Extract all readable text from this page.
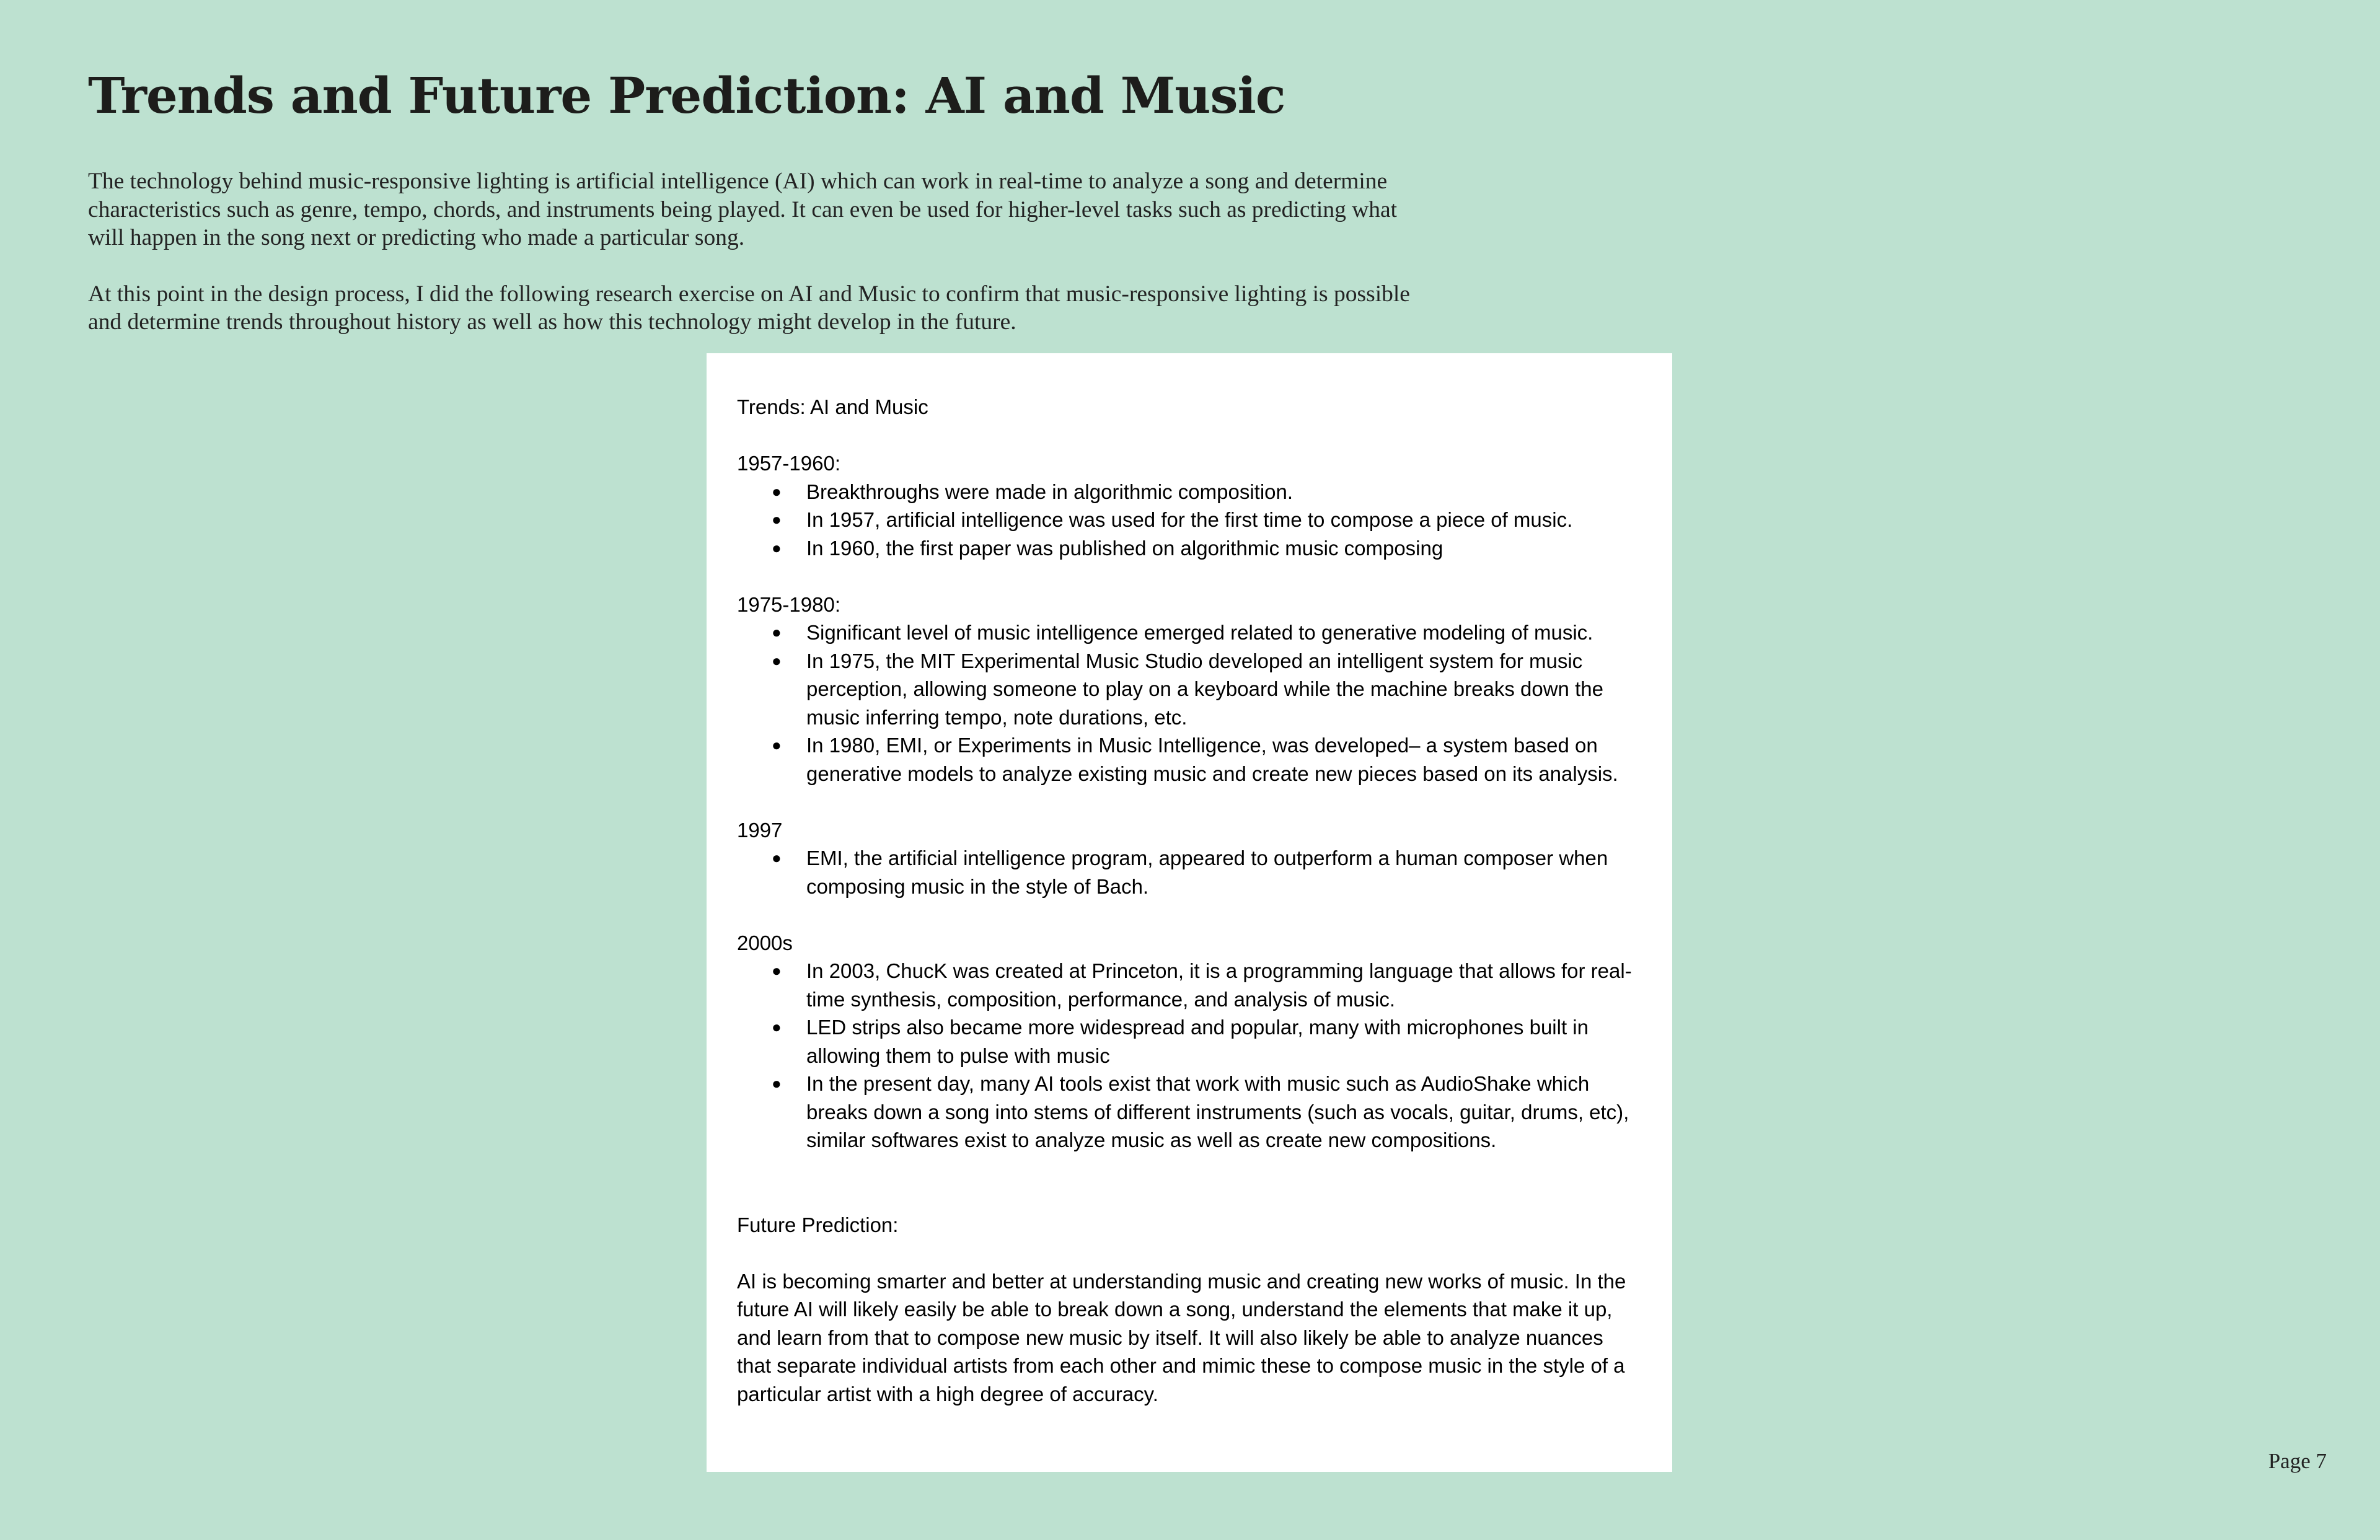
Trends and Future Prediction: AI and Music

The technology behind music-responsive lighting is artificial intelligence (AI) which can work in real-time to analyze a song and determine characteristics such as genre, tempo, chords, and instruments being played. It can even be used for higher-level tasks such as predicting what will happen in the song next or predicting who made a particular song.

At this point in the design process, I did the following research exercise on AI and Music to confirm that music-responsive lighting is possible and determine trends throughout history as well as how this technology might develop in the future.

Trends: AI and Music

1957-1960:

● Breakthroughs were made in algorithmic composition.
● In 1957, artificial intelligence was used for the first time to compose a piece of music.
● In 1960, the first paper was published on algorithmic music composing

1975-1980:

● Significant level of music intelligence emerged related to generative modeling of music.
● In 1975, the MIT Experimental Music Studio developed an intelligent system for music perception, allowing someone to play on a keyboard while the machine breaks down the music inferring tempo, note durations, etc.
● In 1980, EMI, or Experiments in Music Intelligence, was developed– a system based on generative models to analyze existing music and create new pieces based on its analysis.

1997

● EMI, the artificial intelligence program, appeared to outperform a human composer when composing music in the style of Bach.

2000s

● In 2003, ChucK was created at Princeton, it is a programming language that allows for real-time synthesis, composition, performance, and analysis of music.
● LED strips also became more widespread and popular, many with microphones built in allowing them to pulse with music
● In the present day, many AI tools exist that work with music such as AudioShake which breaks down a song into stems of different instruments (such as vocals, guitar, drums, etc), similar softwares exist to analyze music as well as create new compositions.

Future Prediction:

AI is becoming smarter and better at understanding music and creating new works of music. In the future AI will likely easily be able to break down a song, understand the elements that make it up, and learn from that to compose new music by itself. It will also likely be able to analyze nuances that separate individual artists from each other and mimic these to compose music in the style of a particular artist with a high degree of accuracy.

Page 7
